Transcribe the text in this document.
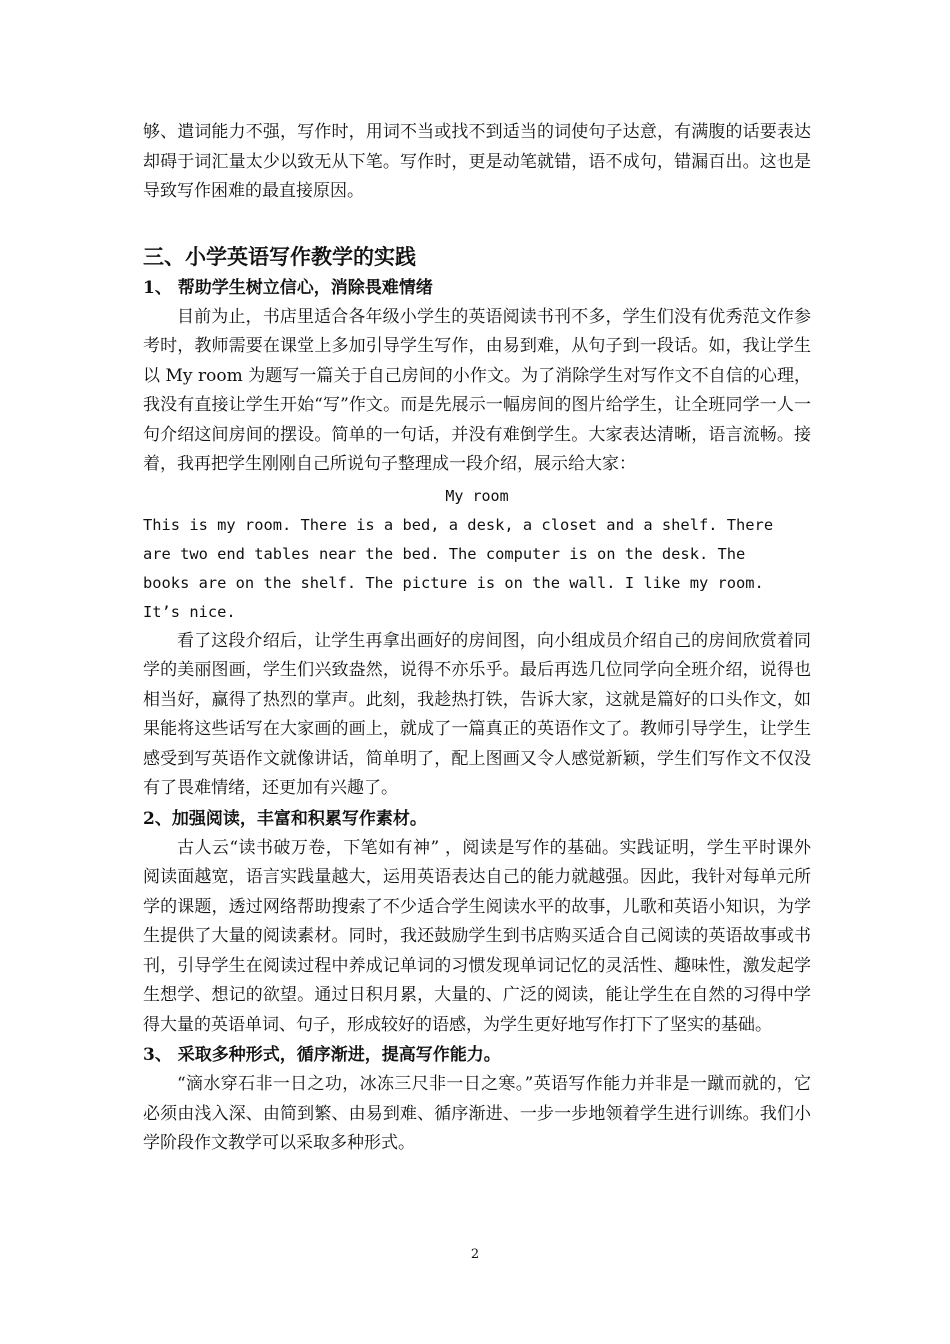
够、遣词能力不强，写作时，用词不当或找不到适当的词使句子达意，有满腹的话要表达却碍于词汇量太少以致无从下笔。写作时，更是动笔就错，语不成句，错漏百出。这也是导致写作困难的最直接原因。

三、小学英语写作教学的实践
1、 帮助学生树立信心，消除畏难情绪

目前为止，书店里适合各年级小学生的英语阅读书刊不多，学生们没有优秀范文作参考时，教师需要在课堂上多加引导学生写作，由易到难，从句子到一段话。如，我让学生以 My room 为题写一篇关于自己房间的小作文。为了消除学生对写作文不自信的心理，我没有直接让学生开始“写”作文。而是先展示一幅房间的图片给学生，让全班同学一人一句介绍这间房间的摆设。简单的一句话，并没有难倒学生。大家表达清晰，语言流畅。接着，我再把学生刚刚自己所说句子整理成一段介绍，展示给大家：

My room
This is my room. There is a bed, a desk, a closet and a shelf. There
are two end tables near the bed. The computer is on the desk. The
books are on the shelf. The picture is on the wall. I like my room.
It’s nice.

看了这段介绍后，让学生再拿出画好的房间图，向小组成员介绍自己的房间欣赏着同学的美丽图画，学生们兴致盎然，说得不亦乐乎。最后再选几位同学向全班介绍，说得也相当好，赢得了热烈的掌声。此刻，我趁热打铁，告诉大家，这就是篇好的口头作文，如果能将这些话写在大家画的画上，就成了一篇真正的英语作文了。教师引导学生，让学生感受到写英语作文就像讲话，简单明了，配上图画又令人感觉新颖，学生们写作文不仅没有了畏难情绪，还更加有兴趣了。

2、加强阅读，丰富和积累写作素材。

古人云“读书破万卷，下笔如有神” ，阅读是写作的基础。实践证明，学生平时课外阅读面越宽，语言实践量越大，运用英语表达自己的能力就越强。因此，我针对每单元所学的课题，透过网络帮助搜索了不少适合学生阅读水平的故事，儿歌和英语小知识，为学生提供了大量的阅读素材。同时，我还鼓励学生到书店购买适合自己阅读的英语故事或书刊，引导学生在阅读过程中养成记单词的习惯发现单词记忆的灵活性、趣味性，激发起学生想学、想记的欲望。通过日积月累，大量的、广泛的阅读，能让学生在自然的习得中学得大量的英语单词、句子，形成较好的语感，为学生更好地写作打下了坚实的基础。

3、 采取多种形式，循序渐进，提高写作能力。

“滴水穿石非一日之功，冰冻三尺非一日之寒。”英语写作能力并非是一蹴而就的，它必须由浅入深、由简到繁、由易到难、循序渐进、一步一步地领着学生进行训练。我们小学阶段作文教学可以采取多种形式。

2
